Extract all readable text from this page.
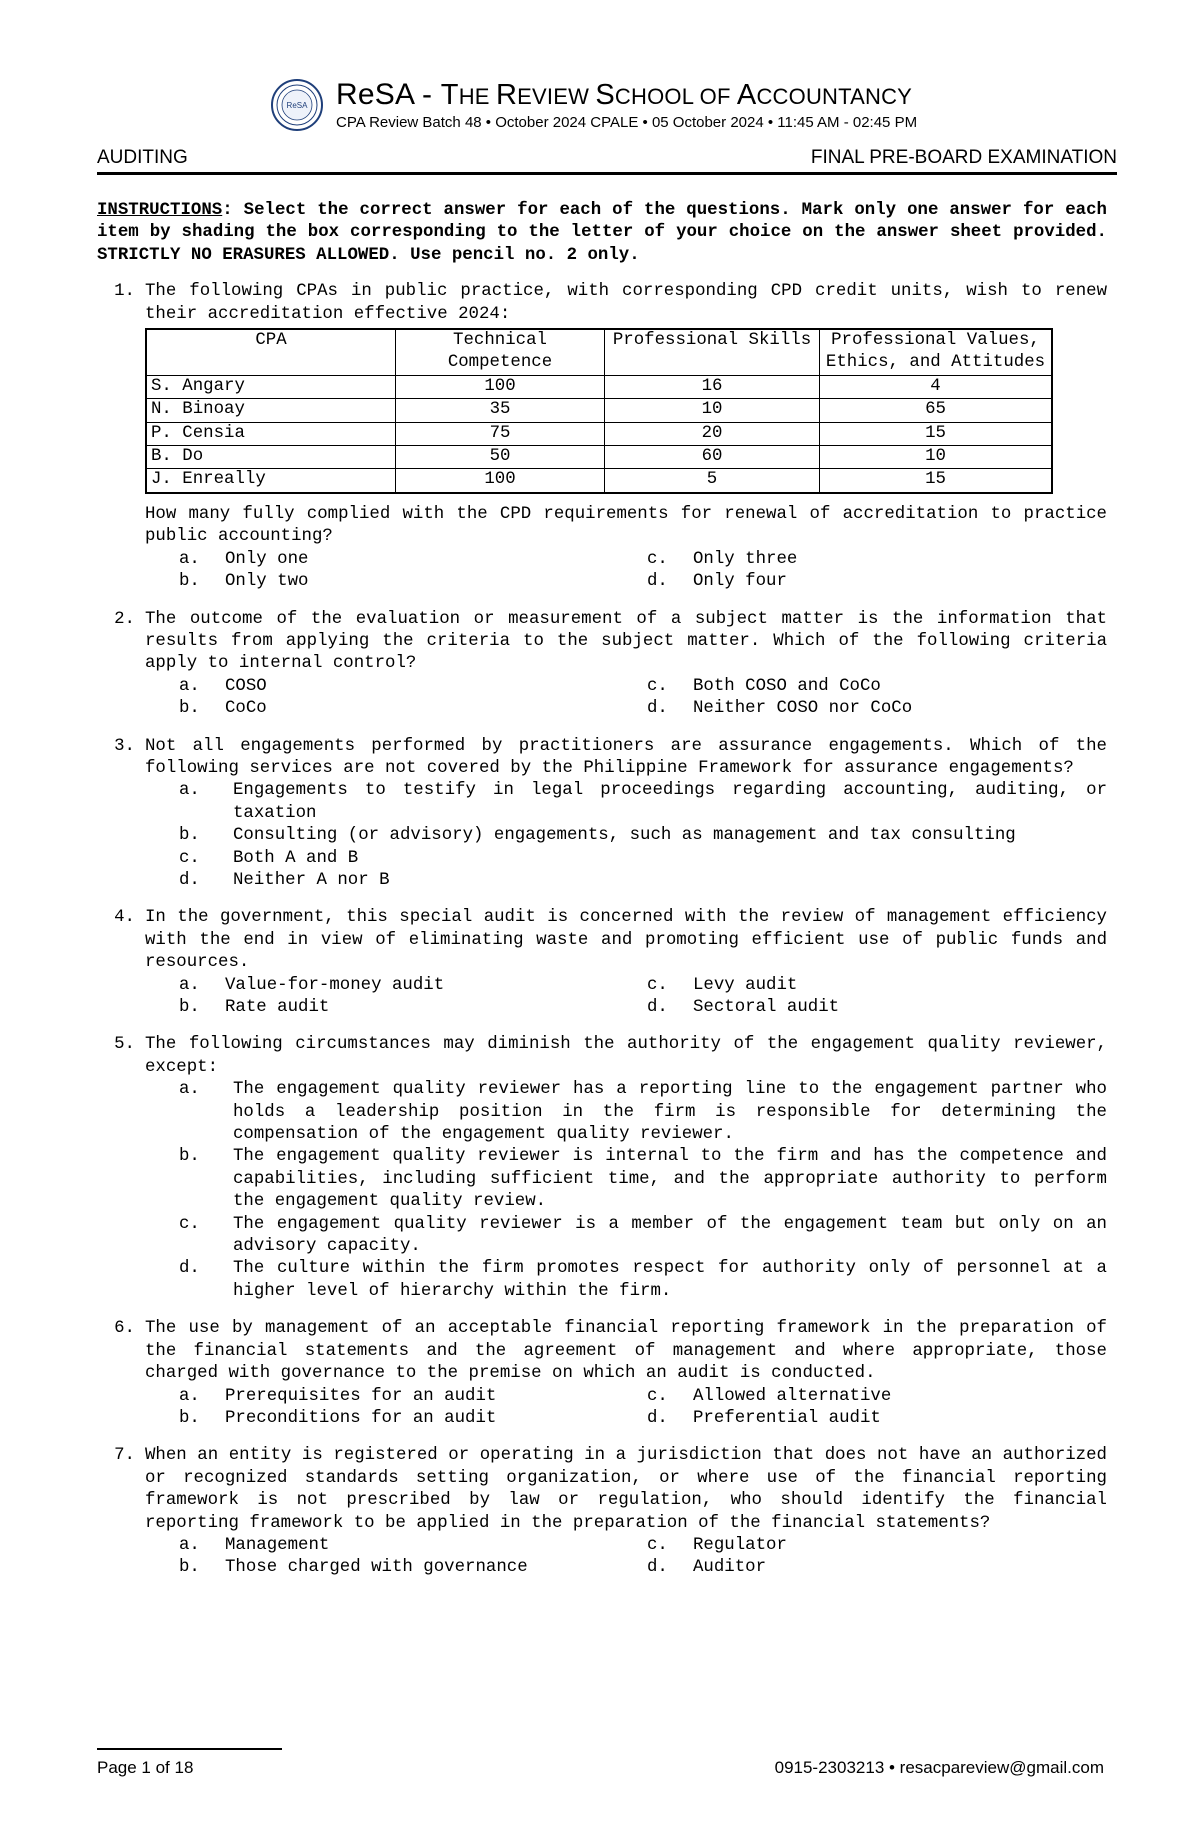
ReSA ReSA - THE REVIEW SCHOOL OF ACCOUNTANCY
CPA Review Batch 48 • October 2024 CPALE • 05 October 2024 • 11:45 AM - 02:45 PM
AUDITING	FINAL PRE-BOARD EXAMINATION

INSTRUCTIONS: Select the correct answer for each of the questions. Mark only one answer for each item by shading the box corresponding to the letter of your choice on the answer sheet provided. STRICTLY NO ERASURES ALLOWED. Use pencil no. 2 only.

1. The following CPAs in public practice, with corresponding CPD credit units, wish to renew their accreditation effective 2024:

CPA	Technical Competence	Professional Skills	Professional Values, Ethics, and Attitudes
S. Angary	100	16	4
N. Binoay	35	10	65
P. Censia	75	20	15
B. Do	50	60	10
J. Enreally	100	5	15

How many fully complied with the CPD requirements for renewal of accreditation to practice public accounting?

a.	Only one	c.	Only three
b.	Only two	d.	Only four
2. The outcome of the evaluation or measurement of a subject matter is the information that results from applying the criteria to the subject matter. Which of the following criteria apply to internal control?

a.	COSO	c.	Both COSO and CoCo
b.	CoCo	d.	Neither COSO nor CoCo
3. Not all engagements performed by practitioners are assurance engagements. Which of the following services are not covered by the Philippine Framework for assurance engagements?

a.	Engagements to testify in legal proceedings regarding accounting, auditing, or taxation
b.	Consulting (or advisory) engagements, such as management and tax consulting
c.	Both A and B
d.	Neither A nor B
4. In the government, this special audit is concerned with the review of management efficiency with the end in view of eliminating waste and promoting efficient use of public funds and resources.

a.	Value-for-money audit	c.	Levy audit
b.	Rate audit	d.	Sectoral audit
5. The following circumstances may diminish the authority of the engagement quality reviewer, except:

a.	The engagement quality reviewer has a reporting line to the engagement partner who holds a leadership position in the firm is responsible for determining the compensation of the engagement quality reviewer.
b.	The engagement quality reviewer is internal to the firm and has the competence and capabilities, including sufficient time, and the appropriate authority to perform the engagement quality review.
c.	The engagement quality reviewer is a member of the engagement team but only on an advisory capacity.
d.	The culture within the firm promotes respect for authority only of personnel at a higher level of hierarchy within the firm.
6. The use by management of an acceptable financial reporting framework in the preparation of the financial statements and the agreement of management and where appropriate, those charged with governance to the premise on which an audit is conducted.

a.	Prerequisites for an audit	c.	Allowed alternative
b.	Preconditions for an audit	d.	Preferential audit
7. When an entity is registered or operating in a jurisdiction that does not have an authorized or recognized standards setting organization, or where use of the financial reporting framework is not prescribed by law or regulation, who should identify the financial reporting framework to be applied in the preparation of the financial statements?

a.	Management	c.	Regulator
b.	Those charged with governance	d.	Auditor
Page 1 of 18	0915-2303213 • resacpareview@gmail.com
